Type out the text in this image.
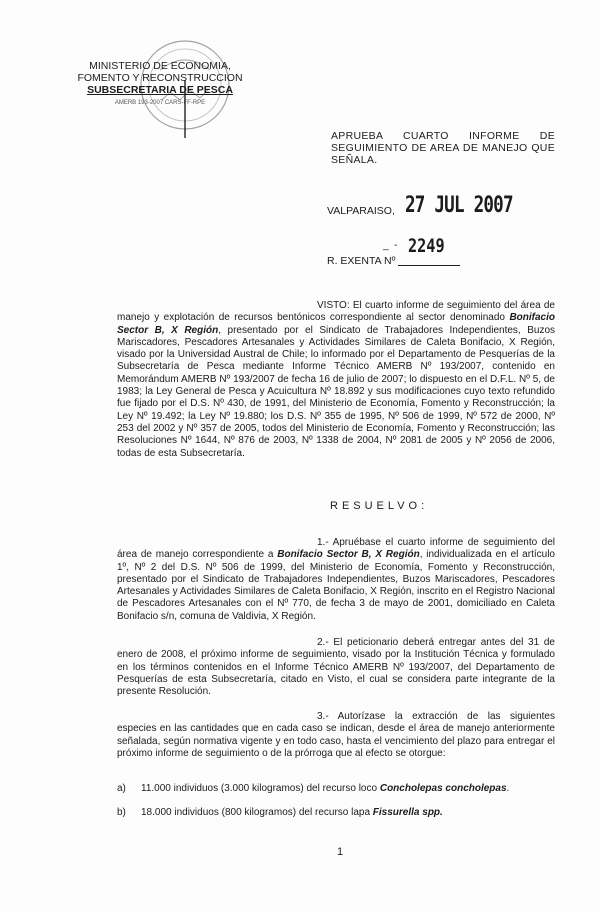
MINISTERIO DE ECONOMIA,
FOMENTO Y RECONSTRUCCION
SUBSECRETARIA DE PESCA
AMERB 193-2007 CARS-FF-RPE
APRUEBA CUARTO INFORME DE SEGUIMIENTO DE AREA DE MANEJO QUE SEÑALA.
VALPARAISO, 27 JUL 2007
_  - 2249
R. EXENTA Nº
VISTO: El cuarto informe de seguimiento del área de manejo y explotación de recursos bentónicos correspondiente al sector denominado Bonifacio Sector B, X Región, presentado por el Sindicato de Trabajadores Independientes, Buzos Mariscadores, Pescadores Artesanales y Actividades Similares de Caleta Bonifacio, X Región, visado por la Universidad Austral de Chile; lo informado por el Departamento de Pesquerías de la Subsecretaría de Pesca mediante Informe Técnico AMERB Nº 193/2007, contenido en Memorándum AMERB Nº 193/2007 de fecha 16 de julio de 2007; lo dispuesto en el D.F.L. Nº 5, de 1983; la Ley General de Pesca y Acuicultura Nº 18.892 y sus modificaciones cuyo texto refundido fue fijado por el D.S. Nº 430, de 1991, del Ministerio de Economía, Fomento y Reconstrucción; la Ley Nº 19.492; la Ley Nº 19.880; los D.S. Nº 355 de 1995, Nº 506 de 1999, Nº 572 de 2000, Nº 253 del 2002 y Nº 357 de 2005, todos del Ministerio de Economía, Fomento y Reconstrucción; las Resoluciones Nº 1644, Nº 876 de 2003, Nº 1338 de 2004, Nº 2081 de 2005 y Nº 2056 de 2006, todas de esta Subsecretaría.
RESUELVO:
1.- Apruébase el cuarto informe de seguimiento del área de manejo correspondiente a Bonifacio Sector B, X Región, individualizada en el artículo 1º, Nº 2 del D.S. Nº 506 de 1999, del Ministerio de Economía, Fomento y Reconstrucción, presentado por el Sindicato de Trabajadores Independientes, Buzos Mariscadores, Pescadores Artesanales y Actividades Similares de Caleta Bonifacio, X Región, inscrito en el Registro Nacional de Pescadores Artesanales con el Nº 770, de fecha 3 de mayo de 2001, domiciliado en Caleta Bonifacio s/n, comuna de Valdivia, X Región.
2.- El peticionario deberá entregar antes del 31 de enero de 2008, el próximo informe de seguimiento, visado por la Institución Técnica y formulado en los términos contenidos en el Informe Técnico AMERB Nº 193/2007, del Departamento de Pesquerías de esta Subsecretaría, citado en Visto, el cual se considera parte integrante de la presente Resolución.
3.- Autorízase la extracción de las siguientes especies en las cantidades que en cada caso se indican, desde el área de manejo anteriormente señalada, según normativa vigente y en todo caso, hasta el vencimiento del plazo para entregar el próximo informe de seguimiento o de la prórroga que al efecto se otorgue:
a) 11.000 individuos (3.000 kilogramos) del recurso loco Concholepas concholepas.
b) 18.000 individuos (800 kilogramos) del recurso lapa Fissurella spp.
1
